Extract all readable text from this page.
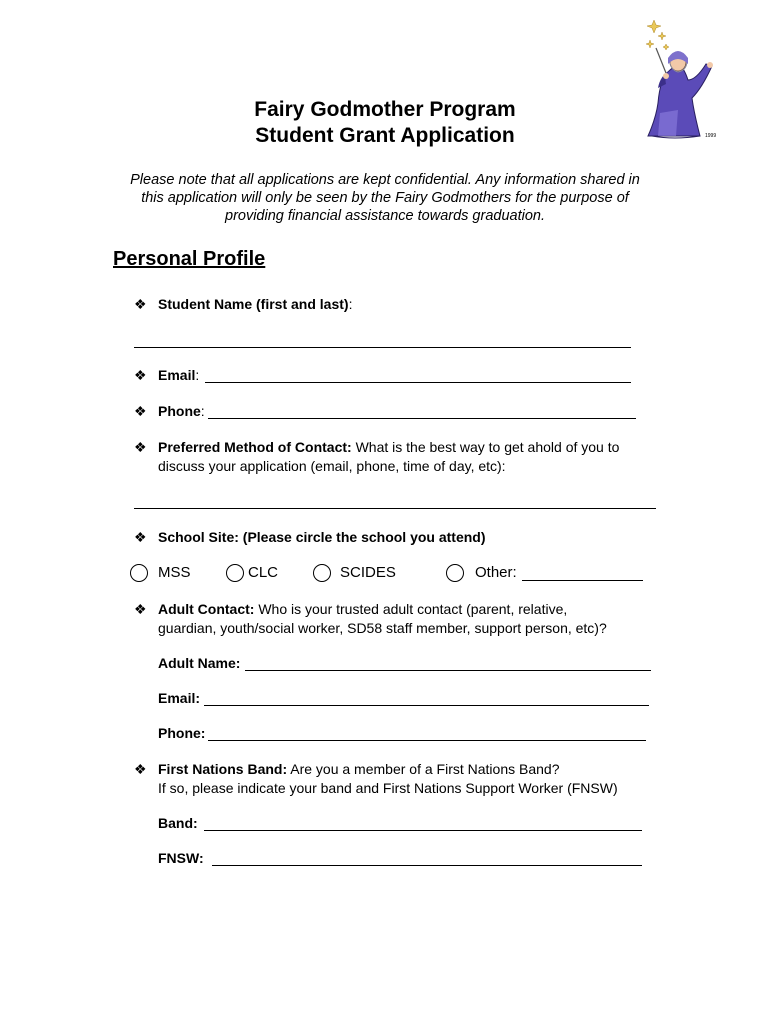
1999
Fairy Godmother Program
Student Grant Application
Please note that all applications are kept confidential. Any information shared in
this application will only be seen by the Fairy Godmothers for the purpose of
providing financial assistance towards graduation.
Personal Profile
❖ Student Name (first and last):
❖ Email:
❖ Phone:
❖ Preferred Method of Contact: What is the best way to get ahold of you to
discuss your application (email, phone, time of day, etc):
❖ School Site: (Please circle the school you attend)
MSS	CLC	SCIDES	Other:
❖ Adult Contact: Who is your trusted adult contact (parent, relative,
guardian, youth/social worker, SD58 staff member, support person, etc)?
Adult Name:
Email:
Phone:
❖ First Nations Band: Are you a member of a First Nations Band?
If so, please indicate your band and First Nations Support Worker (FNSW)
Band:
FNSW:
